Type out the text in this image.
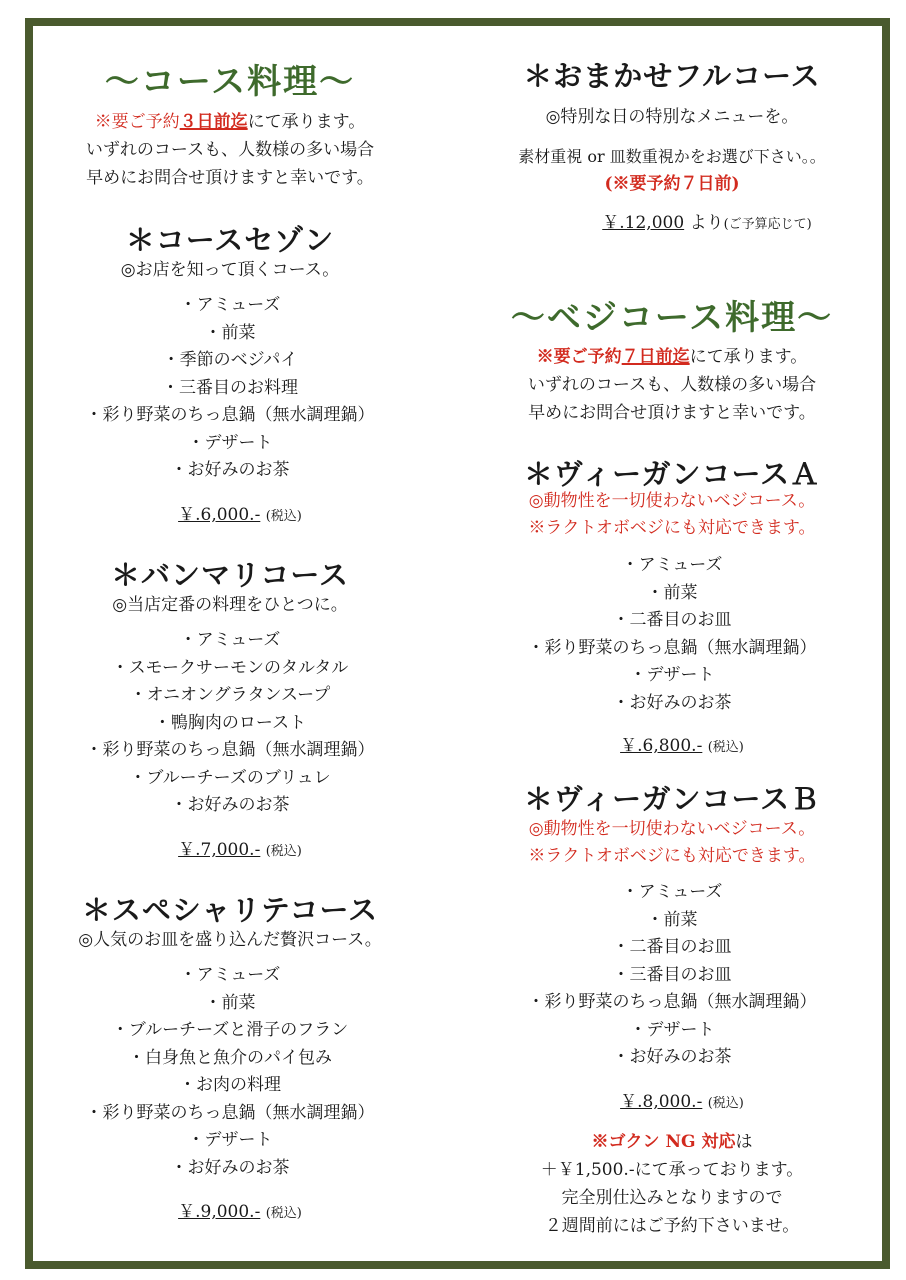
〜コース料理〜
※要ご予約３日前迄にて承ります。
いずれのコースも、人数様の多い場合
早めにお問合せ頂けますと幸いです。
＊コースセゾン
◎お店を知って頂くコース。
・アミューズ
・前菜
・季節のベジパイ
・三番目のお料理
・彩り野菜のちっ息鍋（無水調理鍋）
・デザート
・お好みのお茶
￥.6,000.- (税込)
＊バンマリコース
◎当店定番の料理をひとつに。
・アミューズ
・スモークサーモンのタルタル
・オニオングラタンスープ
・鴨胸肉のロースト
・彩り野菜のちっ息鍋（無水調理鍋）
・ブルーチーズのブリュレ
・お好みのお茶
￥.7,000.- (税込)
＊スペシャリテコース
◎人気のお皿を盛り込んだ贅沢コース。
・アミューズ
・前菜
・ブルーチーズと滑子のフラン
・白身魚と魚介のパイ包み
・お肉の料理
・彩り野菜のちっ息鍋（無水調理鍋）
・デザート
・お好みのお茶
￥.9,000.- (税込)
＊おまかせフルコース
◎特別な日の特別なメニューを。
素材重視 or 皿数重視かをお選び下さい。。
(※要予約７日前)
￥.12,000 より(ご予算応じて)
〜ベジコース料理〜
※要ご予約７日前迄にて承ります。
いずれのコースも、人数様の多い場合
早めにお問合せ頂けますと幸いです。
＊ヴィーガンコースＡ
◎動物性を一切使わないベジコース。
※ラクトオボベジにも対応できます。
・アミューズ
・前菜
・二番目のお皿
・彩り野菜のちっ息鍋（無水調理鍋）
・デザート
・お好みのお茶
￥.6,800.- (税込)
＊ヴィーガンコースＢ
◎動物性を一切使わないベジコース。
※ラクトオボベジにも対応できます。
・アミューズ
・前菜
・二番目のお皿
・三番目のお皿
・彩り野菜のちっ息鍋（無水調理鍋）
・デザート
・お好みのお茶
￥.8,000.- (税込)
※ゴクン NG 対応は
＋￥1,500.-にて承っております。
完全別仕込みとなりますので
２週間前にはご予約下さいませ。
